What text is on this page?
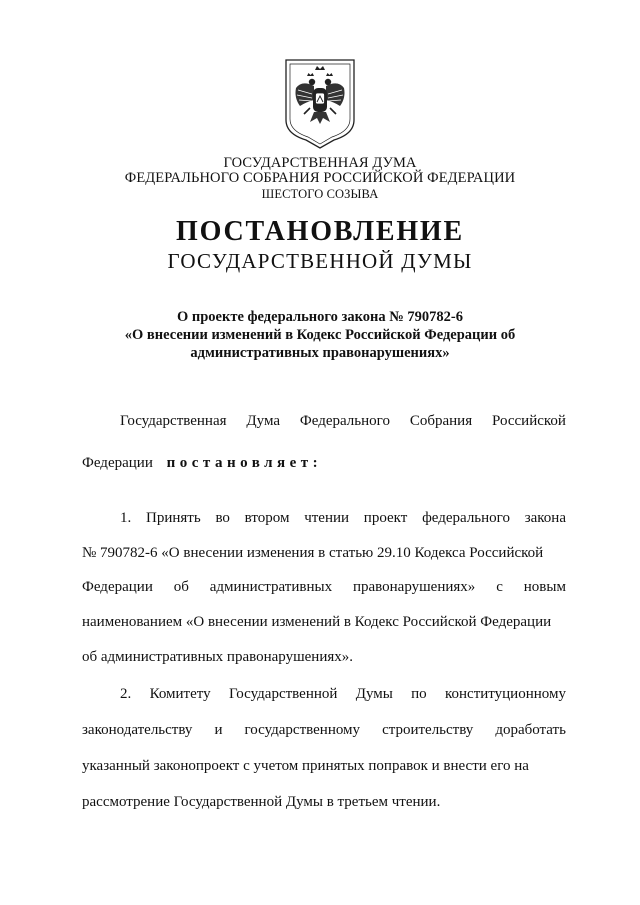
ГОСУДАРСТВЕННАЯ ДУМА
ФЕДЕРАЛЬНОГО СОБРАНИЯ РОССИЙСКОЙ ФЕДЕРАЦИИ
ШЕСТОГО СОЗЫВА
ПОСТАНОВЛЕНИЕ
ГОСУДАРСТВЕННОЙ ДУМЫ
О проекте федерального закона № 790782-6
«О внесении изменений в Кодекс Российской Федерации об
административных правонарушениях»
Государственная Дума Федерального Собрания Российской
Федерации постановляет:
1. Принять во втором чтении проект федерального закона
№ 790782-6 «О внесении изменения в статью 29.10 Кодекса Российской
Федерации об административных правонарушениях» с новым
наименованием «О внесении изменений в Кодекс Российской Федерации
об административных правонарушениях».
2. Комитету Государственной Думы по конституционному
законодательству и государственному строительству доработать
указанный законопроект с учетом принятых поправок и внести его на
рассмотрение Государственной Думы в третьем чтении.
